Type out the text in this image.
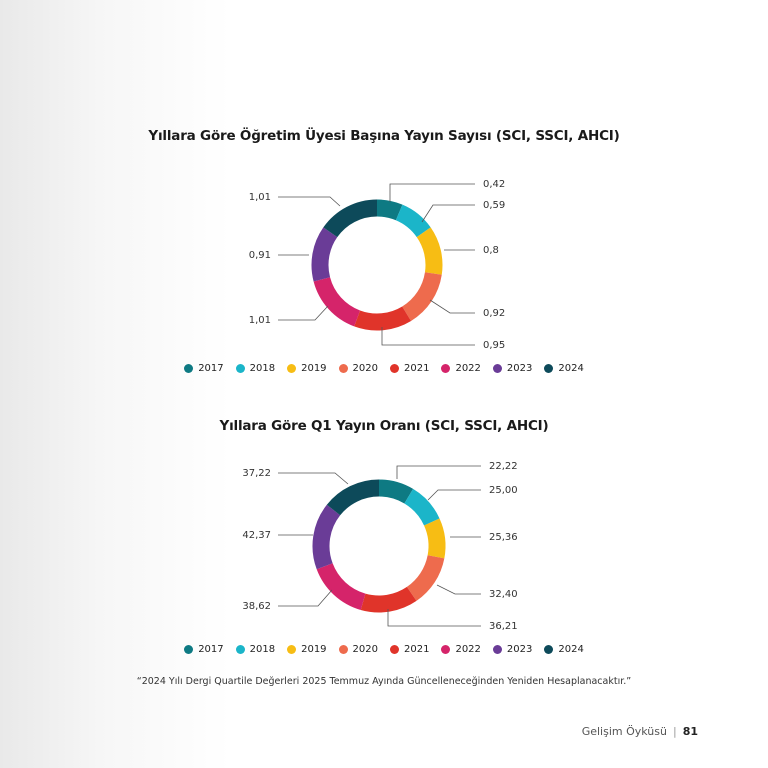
Yıllara Göre Öğretim Üyesi Başına Yayın Sayısı (SCI, SSCI, AHCI)
0,42
0,59
0,8
0,92
0,95
1,01
0,91
1,01
2017	2018	2019	2020	2021	2022	2023	2024
Yıllara Göre Q1 Yayın Oranı (SCI, SSCI, AHCI)
22,22
25,00
25,36
32,40
36,21
38,62
42,37
37,22
2017	2018	2019	2020	2021	2022	2023	2024
“2024 Yılı Dergi Quartile Değerleri 2025 Temmuz Ayında Güncelleneceğinden Yeniden Hesaplanacaktır.”
Gelişim Öyküsü | 81
